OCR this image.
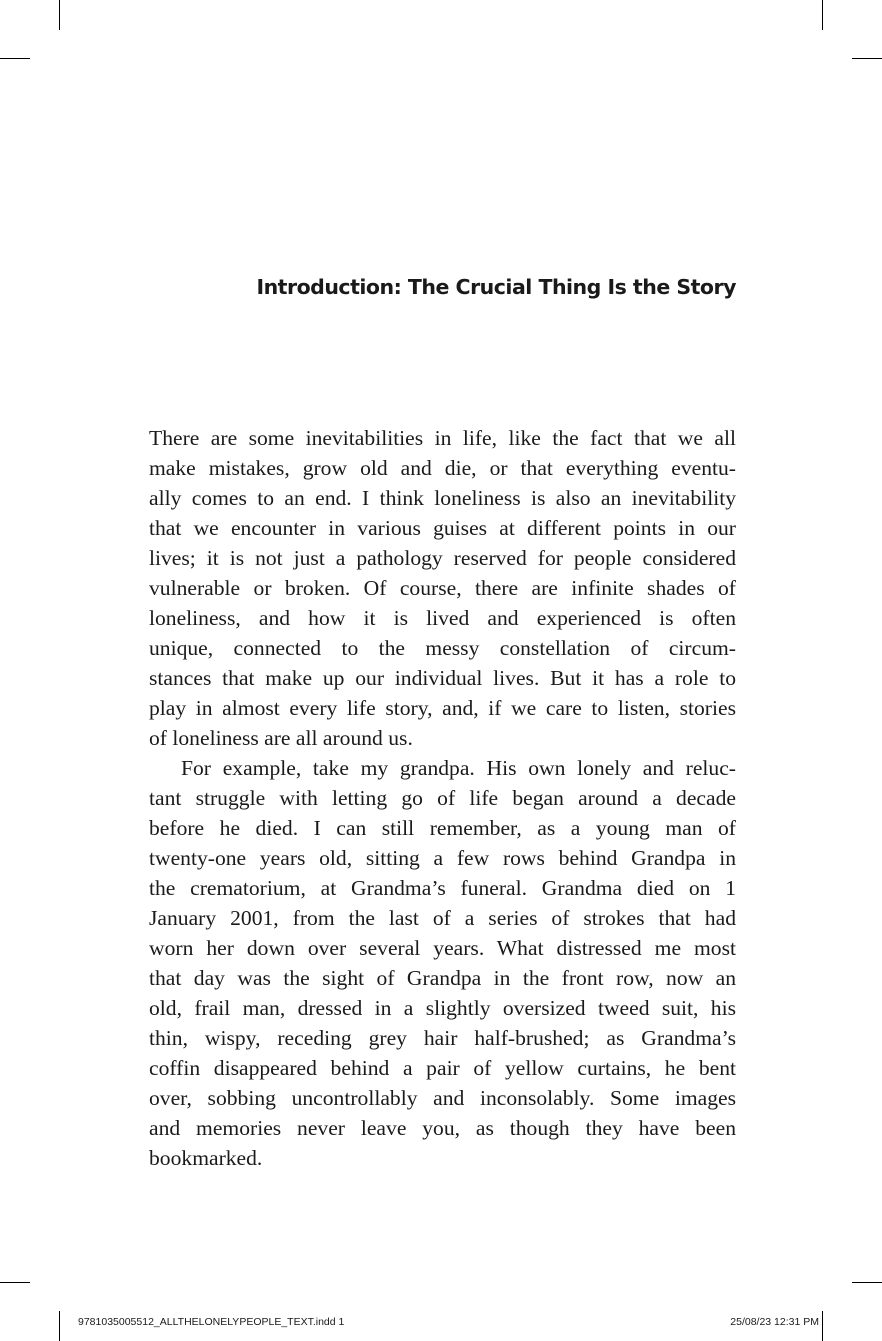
Introduction: The Crucial Thing Is the Story
There are some inevitabilities in life, like the fact that we all
make mistakes, grow old and die, or that everything eventu-
ally comes to an end. I think loneliness is also an inevitability
that we encounter in various guises at different points in our
lives; it is not just a pathology reserved for people considered
vulnerable or broken. Of course, there are infinite shades of
loneliness, and how it is lived and experienced is often
unique, connected to the messy constellation of circum-
stances that make up our individual lives. But it has a role to
play in almost every life story, and, if we care to listen, stories
of loneliness are all around us.
For example, take my grandpa. His own lonely and reluc-
tant struggle with letting go of life began around a decade
before he died. I can still remember, as a young man of
twenty-one years old, sitting a few rows behind Grandpa in
the crematorium, at Grandma’s funeral. Grandma died on 1
January 2001, from the last of a series of strokes that had
worn her down over several years. What distressed me most
that day was the sight of Grandpa in the front row, now an
old, frail man, dressed in a slightly oversized tweed suit, his
thin, wispy, receding grey hair half-brushed; as Grandma’s
coffin disappeared behind a pair of yellow curtains, he bent
over, sobbing uncontrollably and inconsolably. Some images
and memories never leave you, as though they have been
bookmarked.
9781035005512_ALLTHELONELYPEOPLE_TEXT.indd 1	25/08/23 12:31 PM
